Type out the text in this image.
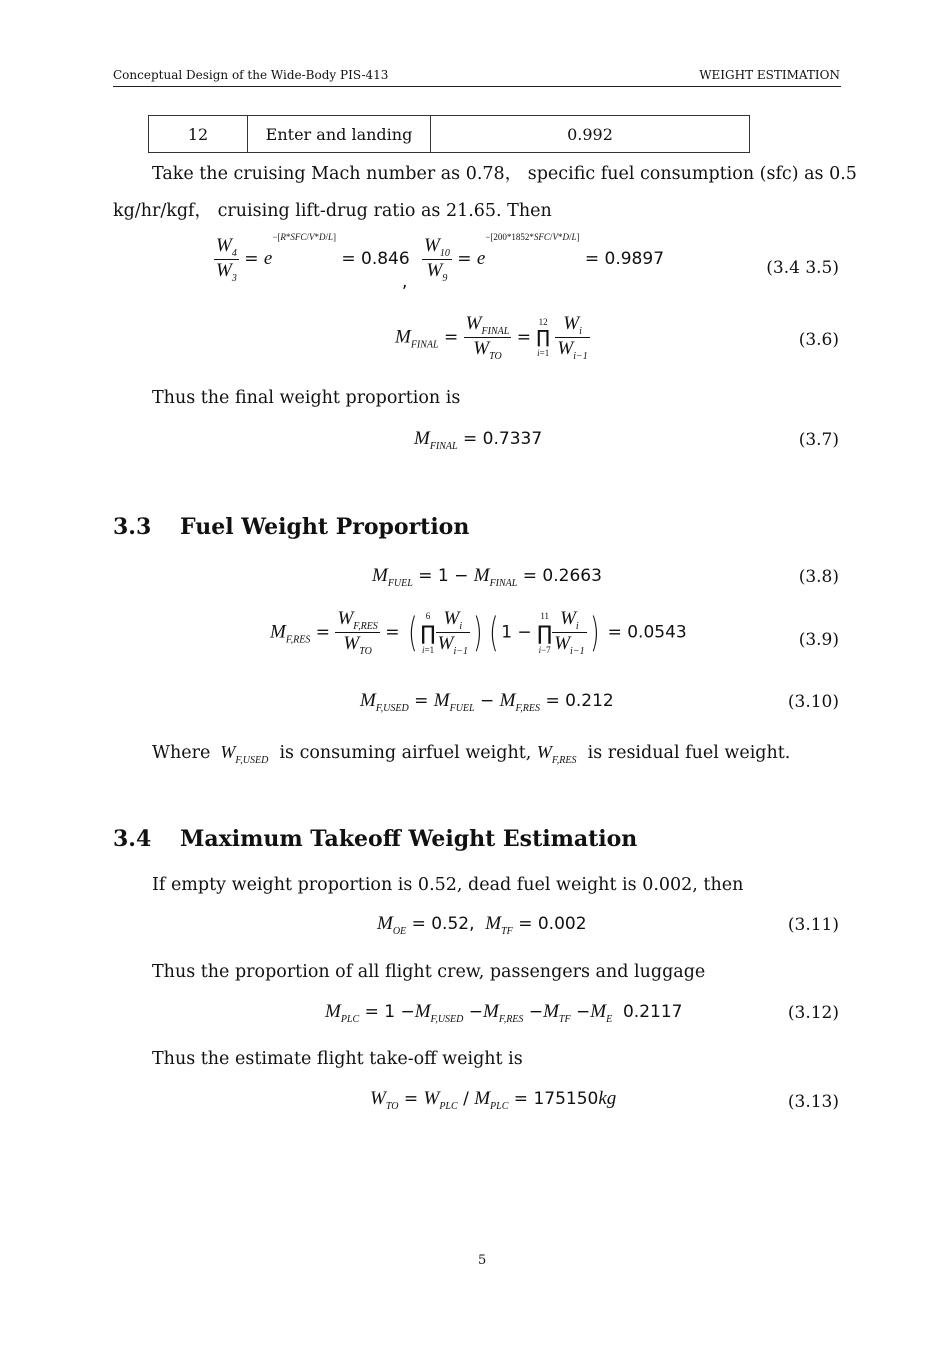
Conceptual Design of the Wide-Body PIS-413	WEIGHT ESTIMATION
12	Enter and landing	0.992
Take the cruising Mach number as 0.78， specific fuel consumption (sfc) as 0.5
kg/hr/kgf， cruising lift-drug ratio as 21.65. Then
$\frac{W_4}{W_3} = e^{-[R*SFC/V*D/L]} = 0.846$
, $\frac{W_{10}}{W_9} = e^{-[200*1852*SFC/V*D/L]} = 0.9897$	(3.4 3.5)
$M_{FINAL} = \frac{W_{FINAL}}{W_{TO}}$ =
12
∏
i=1
$\frac{W_i}{W_{i-1}}$	(3.6)
Thus the final weight proportion is
$M_{FINAL} = 0.7337$	(3.7)
3.3 Fuel Weight Proportion
$M_{FUEL} = 1 - M_{FINAL} = 0.2663$	(3.8)
$M_{F,RES} = \frac{W_{F,RES}}{W_{TO}}$ = ( 6
∏
$i=1 \frac{W_i}{W_{i-1}}$ ) ( 1 −
11
∏
$i-7 \frac{W_i}{W_{i-1}}$ ) = 0.0543	(3.9)
$M_{F,USED} = M_{FUEL} - M_{F,RES} = 0.212$	(3.10)
Where  $W_{F,USED}$ is consuming airfuel weight, $W_{F,RES}$ is residual fuel weight.
3.4 Maximum Takeoff Weight Estimation
If empty weight proportion is 0.52, dead fuel weight is 0.002, then
$M_{OE} = 0.52$, $M_{TF} = 0.002$	(3.11)
Thus the proportion of all flight crew, passengers and luggage
$M_{PLC} = 1 -M_{F,USED} -M_{F,RES} -M_{TF} -M_E$ 0.2117	(3.12)
Thus the estimate flight take-off weight is
$W_{TO} = W_{PLC} / M_{PLC} = 175150kg$	(3.13)
5
